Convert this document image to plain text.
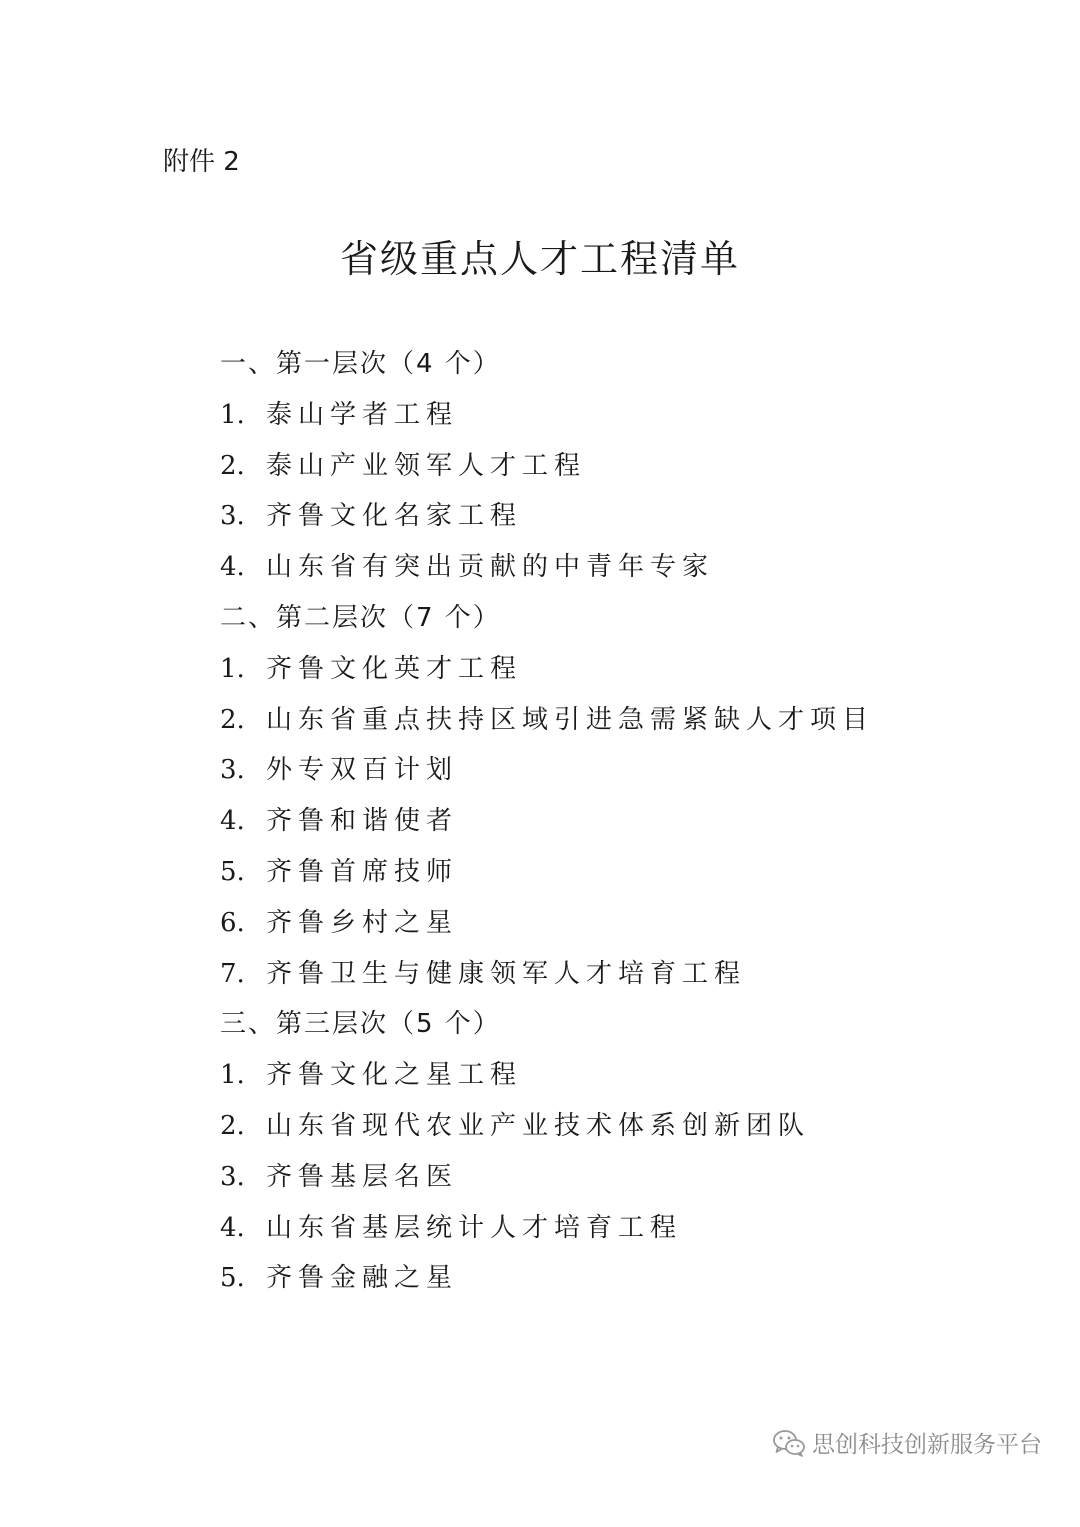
附件 2
省级重点人才工程清单
一、第一层次（4 个）
1. 泰山学者工程
2. 泰山产业领军人才工程
3. 齐鲁文化名家工程
4. 山东省有突出贡献的中青年专家
二、第二层次（7 个）
1. 齐鲁文化英才工程
2. 山东省重点扶持区域引进急需紧缺人才项目
3. 外专双百计划
4. 齐鲁和谐使者
5. 齐鲁首席技师
6. 齐鲁乡村之星
7. 齐鲁卫生与健康领军人才培育工程
三、第三层次（5 个）
1. 齐鲁文化之星工程
2. 山东省现代农业产业技术体系创新团队
3. 齐鲁基层名医
4. 山东省基层统计人才培育工程
5. 齐鲁金融之星
思创科技创新服务平台
